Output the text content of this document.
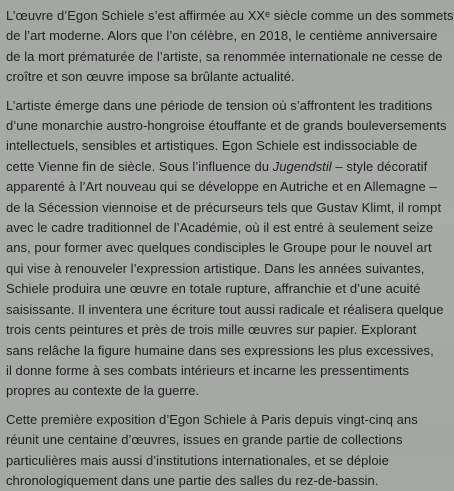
L’œuvre d’Egon Schiele s’est affirmée au XXᵉ siècle comme un des sommets
de l’art moderne. Alors que l’on célèbre, en 2018, le centième anniversaire
de la mort prématurée de l’artiste, sa renommée internationale ne cesse de
croître et son œuvre impose sa brûlante actualité.

L’artiste émerge dans une période de tension où s’affrontent les traditions
d’une monarchie austro-hongroise étouffante et de grands bouleversements
intellectuels, sensibles et artistiques. Egon Schiele est indissociable de
cette Vienne fin de siècle. Sous l’influence du Jugendstil – style décoratif
apparenté à l’Art nouveau qui se développe en Autriche et en Allemagne –
de la Sécession viennoise et de précurseurs tels que Gustav Klimt, il rompt
avec le cadre traditionnel de l’Académie, où il est entré à seulement seize
ans, pour former avec quelques condisciples le Groupe pour le nouvel art
qui vise à renouveler l’expression artistique. Dans les années suivantes,
Schiele produira une œuvre en totale rupture, affranchie et d’une acuité
saisissante. Il inventera une écriture tout aussi radicale et réalisera quelque
trois cents peintures et près de trois mille œuvres sur papier. Explorant
sans relâche la figure humaine dans ses expressions les plus excessives,
il donne forme à ses combats intérieurs et incarne les pressentiments
propres au contexte de la guerre.

Cette première exposition d’Egon Schiele à Paris depuis vingt-cinq ans
réunit une centaine d’œuvres, issues en grande partie de collections
particulières mais aussi d’institutions internationales, et se déploie
chronologiquement dans une partie des salles du rez-de-bassin.
